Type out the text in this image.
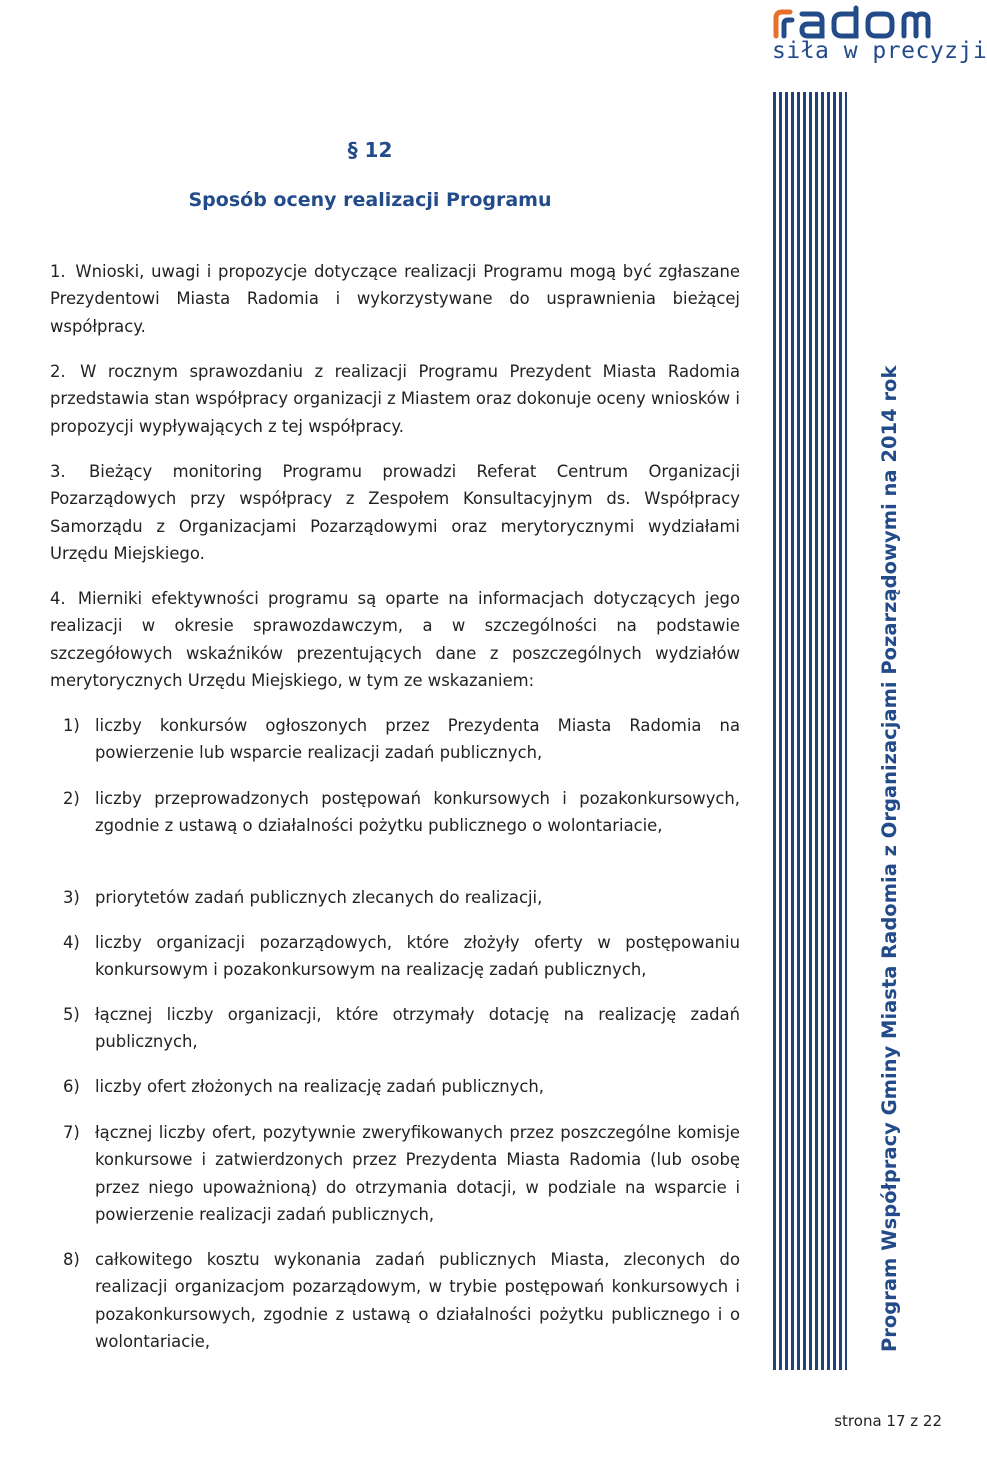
siła w precyzji
Program Współpracy Gminy Miasta Radomia z Organizacjami Pozarządowymi na 2014 rok
§ 12
Sposób oceny realizacji Programu

1. Wnioski, uwagi i propozycje dotyczące realizacji Programu mogą być zgłaszane Prezydentowi Miasta Radomia i wykorzystywane do usprawnienia bieżącej współpracy.

2. W rocznym sprawozdaniu z realizacji Programu Prezydent Miasta Radomia przedstawia stan współpracy organizacji z Miastem oraz dokonuje oceny wniosków i propozycji wypływających z tej współpracy.

3. Bieżący monitoring Programu prowadzi Referat Centrum Organizacji Pozarządowych przy współpracy z Zespołem Konsultacyjnym ds. Współpracy Samorządu z Organizacjami Pozarządowymi oraz merytorycznymi wydziałami Urzędu Miejskiego.

4. Mierniki efektywności programu są oparte na informacjach dotyczących jego realizacji w okresie sprawozdawczym, a w szczególności na podstawie szczegółowych wskaźników prezentujących dane z poszczególnych wydziałów merytorycznych Urzędu Miejskiego, w tym ze wskazaniem:

1) liczby konkursów ogłoszonych przez Prezydenta Miasta Radomia na powierzenie lub wsparcie realizacji zadań publicznych,
2) liczby przeprowadzonych postępowań konkursowych i pozakonkursowych, zgodnie z ustawą o działalności pożytku publicznego o wolontariacie,
3) priorytetów zadań publicznych zlecanych do realizacji,
4) liczby organizacji pozarządowych, które złożyły oferty w postępowaniu konkursowym i pozakonkursowym na realizację zadań publicznych,
5) łącznej liczby organizacji, które otrzymały dotację na realizację zadań publicznych,
6) liczby ofert złożonych na realizację zadań publicznych,
7) łącznej liczby ofert, pozytywnie zweryfikowanych przez poszczególne komisje konkursowe i zatwierdzonych przez Prezydenta Miasta Radomia (lub osobę przez niego upoważnioną) do otrzymania dotacji, w podziale na wsparcie i powierzenie realizacji zadań publicznych,
8) całkowitego kosztu wykonania zadań publicznych Miasta, zleconych do realizacji organizacjom pozarządowym, w trybie postępowań konkursowych i pozakonkursowych, zgodnie z ustawą o działalności pożytku publicznego i o wolontariacie,
strona 17 z 22
